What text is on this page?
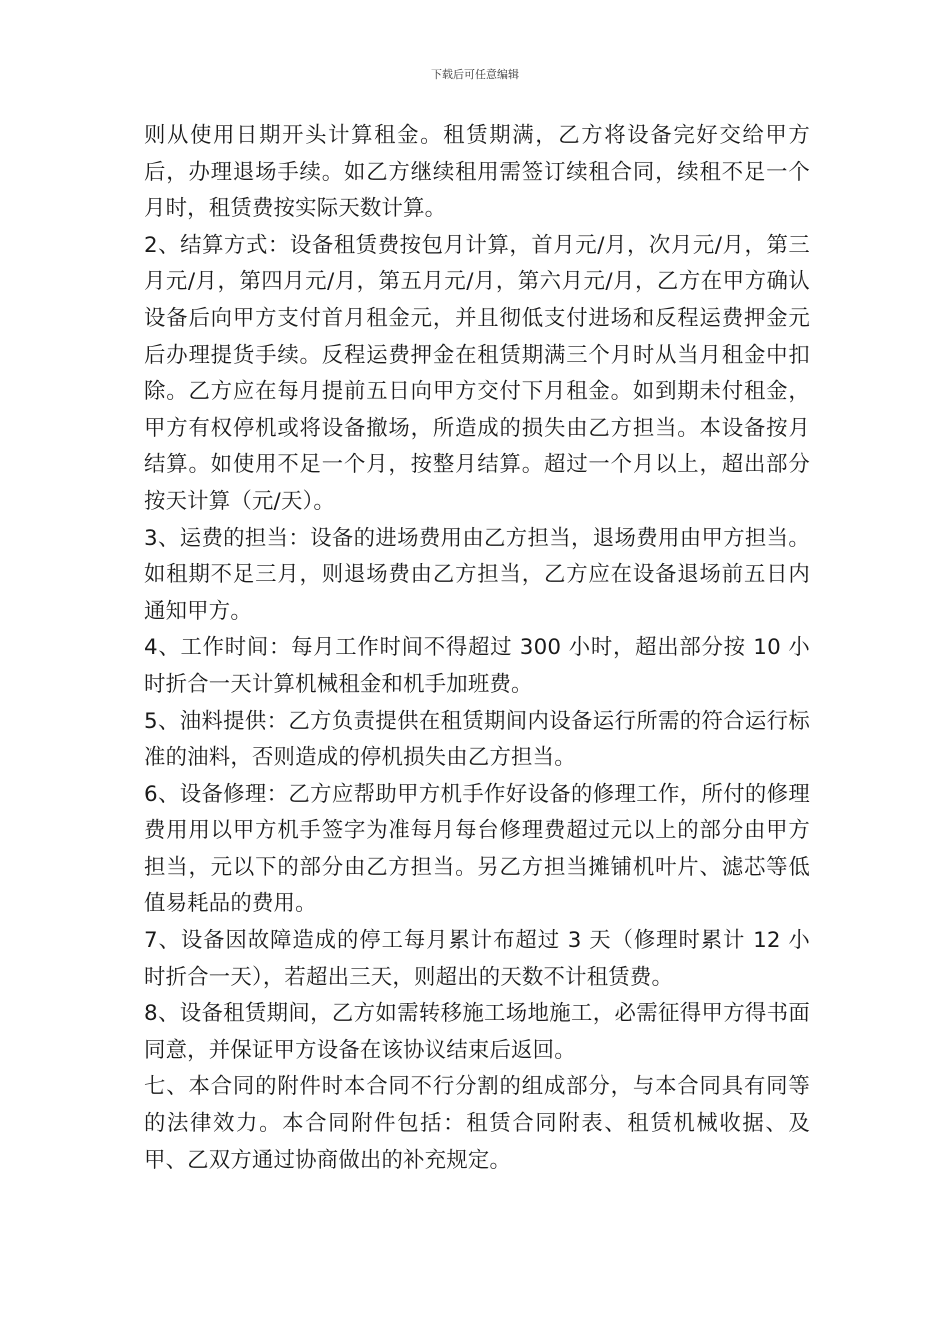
下载后可任意编辑

则从使用日期开头计算租金。租赁期满，乙方将设备完好交给甲方后，办理退场手续。如乙方继续租用需签订续租合同，续租不足一个月时，租赁费按实际天数计算。

2、结算方式：设备租赁费按包月计算，首月元/月，次月元/月，第三月元/月，第四月元/月，第五月元/月，第六月元/月，乙方在甲方确认设备后向甲方支付首月租金元，并且彻低支付进场和反程运费押金元后办理提货手续。反程运费押金在租赁期满三个月时从当月租金中扣除。乙方应在每月提前五日向甲方交付下月租金。如到期未付租金，甲方有权停机或将设备撤场，所造成的损失由乙方担当。本设备按月结算。如使用不足一个月，按整月结算。超过一个月以上，超出部分按天计算（元/天）。

3、运费的担当：设备的进场费用由乙方担当，退场费用由甲方担当。如租期不足三月，则退场费由乙方担当，乙方应在设备退场前五日内通知甲方。

4、工作时间：每月工作时间不得超过 300 小时，超出部分按 10 小时折合一天计算机械租金和机手加班费。

5、油料提供：乙方负责提供在租赁期间内设备运行所需的符合运行标准的油料，否则造成的停机损失由乙方担当。

6、设备修理：乙方应帮助甲方机手作好设备的修理工作，所付的修理费用用以甲方机手签字为准每月每台修理费超过元以上的部分由甲方担当，元以下的部分由乙方担当。另乙方担当摊铺机叶片、滤芯等低值易耗品的费用。

7、设备因故障造成的停工每月累计布超过 3 天（修理时累计 12 小时折合一天），若超出三天，则超出的天数不计租赁费。

8、设备租赁期间，乙方如需转移施工场地施工，必需征得甲方得书面同意，并保证甲方设备在该协议结束后返回。

七、本合同的附件时本合同不行分割的组成部分，与本合同具有同等的法律效力。本合同附件包括：租赁合同附表、租赁机械收据、及甲、乙双方通过协商做出的补充规定。
